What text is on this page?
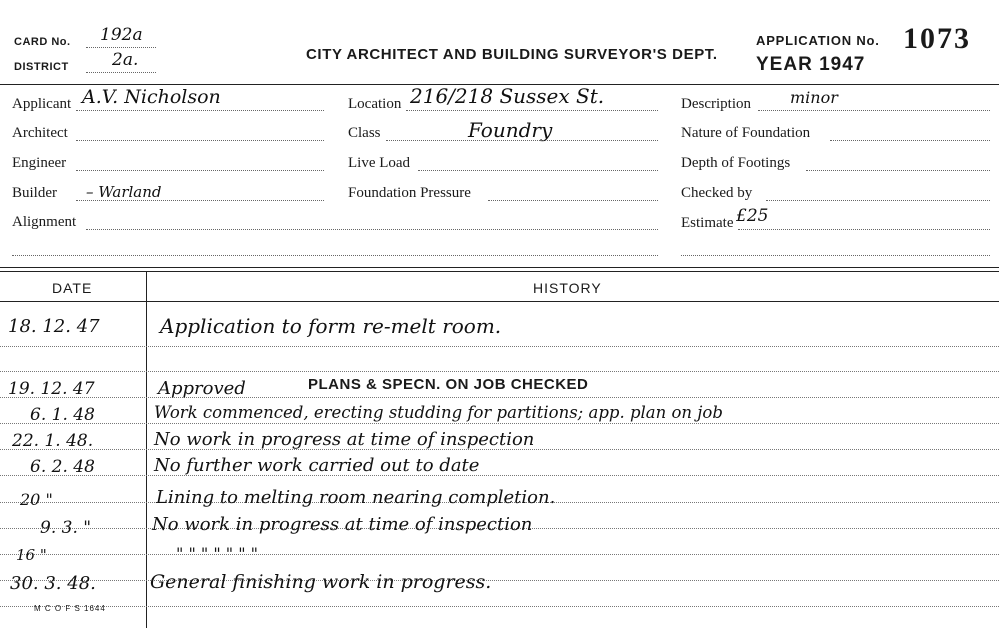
CARD No. 192a
DISTRICT	2a.	CITY ARCHITECT AND BUILDING SURVEYOR'S DEPT.
APPLICATION No. 1073
YEAR 1947
Applicant A.V. Nicholson
Architect
Engineer
Builder – Warland
Alignment
Location 216/218 Sussex St.
Class	Foundry
Live Load
Foundation Pressure
Description minor
Nature of Foundation
Depth of Footings
Checked by
Estimate £25
DATE	HISTORY
18. 12. 47	Application to form re-melt room.
19. 12. 47	Approved	PLANS & SPECN. ON JOB CHECKED
6. 1. 48	Work commenced, erecting studding for partitions; app. plan on job
22. 1. 48.	No work in progress at time of inspection
6. 2. 48	No further work carried out to date
20 "	Lining to melting room nearing completion.
9. 3. "	No work in progress at time of inspection
16 "	" " " " " " "
30. 3. 48.	General finishing work in progress.
M C O F S 1644
